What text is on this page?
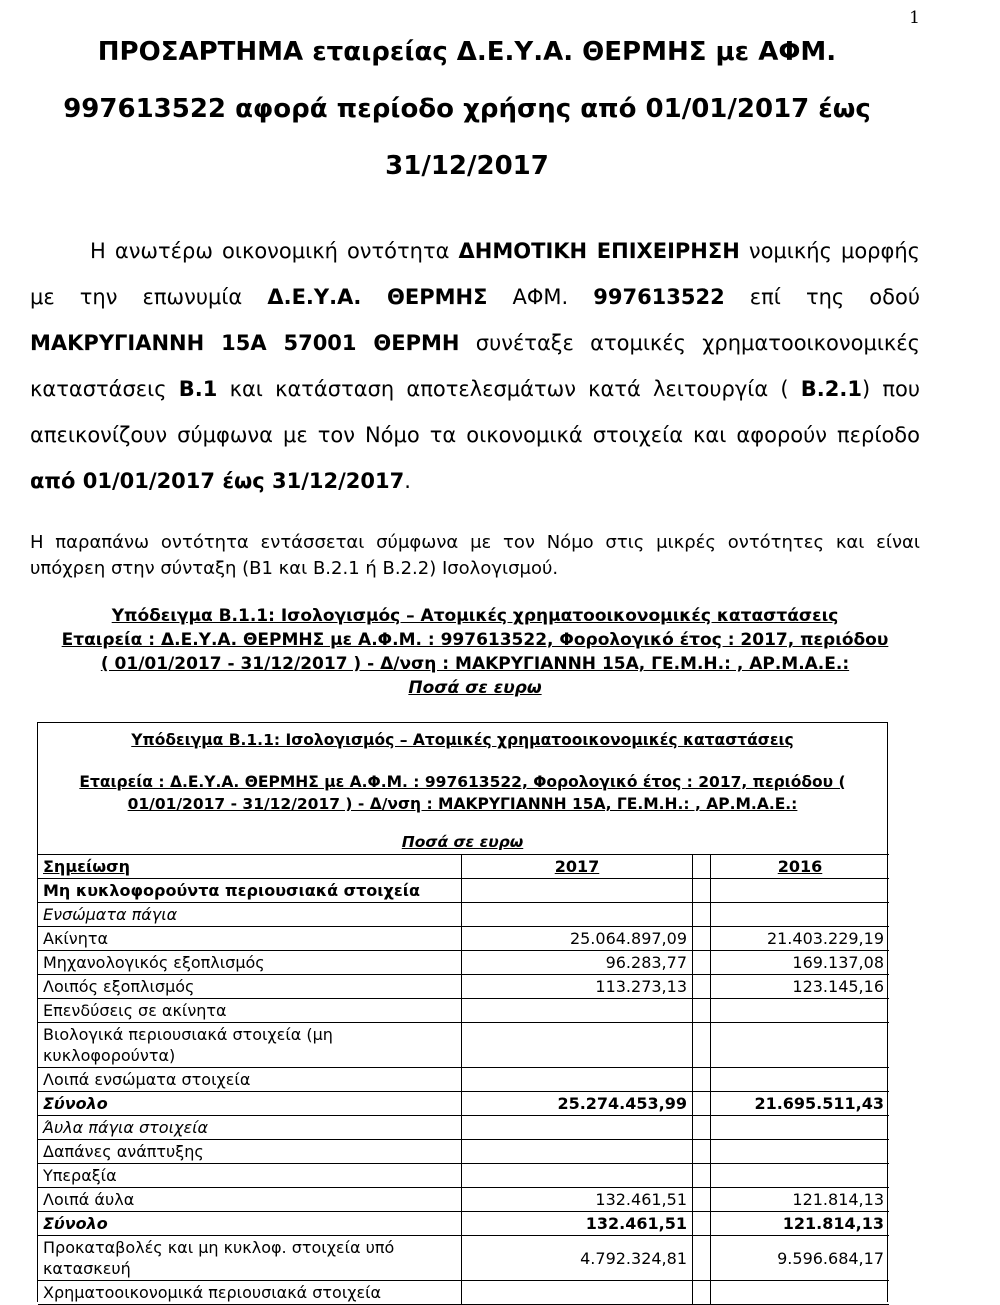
1
ΠΡΟΣΑΡΤΗΜΑ εταιρείας Δ.Ε.Υ.Α. ΘΕΡΜΗΣ με ΑΦΜ.
997613522 αφορά περίοδο χρήσης από 01/01/2017 έως
31/12/2017
Η ανωτέρω οικονομική οντότητα ΔΗΜΟΤΙΚΗ ΕΠΙΧΕΙΡΗΣΗ νομικής μορφής με την επωνυμία Δ.Ε.Υ.Α. ΘΕΡΜΗΣ ΑΦΜ. 997613522 επί της οδού ΜΑΚΡΥΓΙΑΝΝΗ 15Α 57001 ΘΕΡΜΗ συνέταξε ατομικές χρηματοοικονομικές καταστάσεις Β.1 και κατάσταση αποτελεσμάτων κατά λειτουργία ( Β.2.1) που απεικονίζουν σύμφωνα με τον Νόμο τα οικονομικά στοιχεία και αφορούν περίοδο από 01/01/2017 έως 31/12/2017.
Η παραπάνω οντότητα εντάσσεται σύμφωνα με τον Νόμο στις μικρές οντότητες και είναι υπόχρεη στην σύνταξη (Β1 και Β.2.1 ή Β.2.2) Ισολογισμού.
Υπόδειγμα Β.1.1: Ισολογισμός – Ατομικές χρηματοοικονομικές καταστάσεις
Εταιρεία : Δ.Ε.Υ.Α. ΘΕΡΜΗΣ με Α.Φ.Μ. : 997613522, Φορολογικό έτος : 2017, περιόδου
( 01/01/2017 - 31/12/2017 ) - Δ/νση : ΜΑΚΡΥΓΙΑΝΝΗ 15Α, ΓΕ.Μ.Η.: , ΑΡ.Μ.Α.Ε.:
Ποσά σε ευρω
Υπόδειγμα Β.1.1: Ισολογισμός – Ατομικές χρηματοοικονομικές καταστάσεις
Εταιρεία : Δ.Ε.Υ.Α. ΘΕΡΜΗΣ με Α.Φ.Μ. : 997613522, Φορολογικό έτος : 2017, περιόδου (
01/01/2017 - 31/12/2017 ) - Δ/νση : ΜΑΚΡΥΓΙΑΝΝΗ 15Α, ΓΕ.Μ.Η.: , ΑΡ.Μ.Α.Ε.:
Ποσά σε ευρω
Σημείωση	2017		2016
Μη κυκλοφορούντα περιουσιακά στοιχεία			
Ενσώματα πάγια			
Ακίνητα	25.064.897,09		21.403.229,19
Μηχανολογικός εξοπλισμός	96.283,77		169.137,08
Λοιπός εξοπλισμός	113.273,13		123.145,16
Επενδύσεις σε ακίνητα			
Βιολογικά περιουσιακά στοιχεία (μη κυκλοφορούντα)			
Λοιπά ενσώματα στοιχεία			
Σύνολο	25.274.453,99		21.695.511,43
Άυλα πάγια στοιχεία			
Δαπάνες ανάπτυξης			
Υπεραξία			
Λοιπά άυλα	132.461,51		121.814,13
Σύνολο	132.461,51		121.814,13
Προκαταβολές και μη κυκλοφ. στοιχεία υπό κατασκευή	4.792.324,81		9.596.684,17
Χρηματοοικονομικά περιουσιακά στοιχεία			
